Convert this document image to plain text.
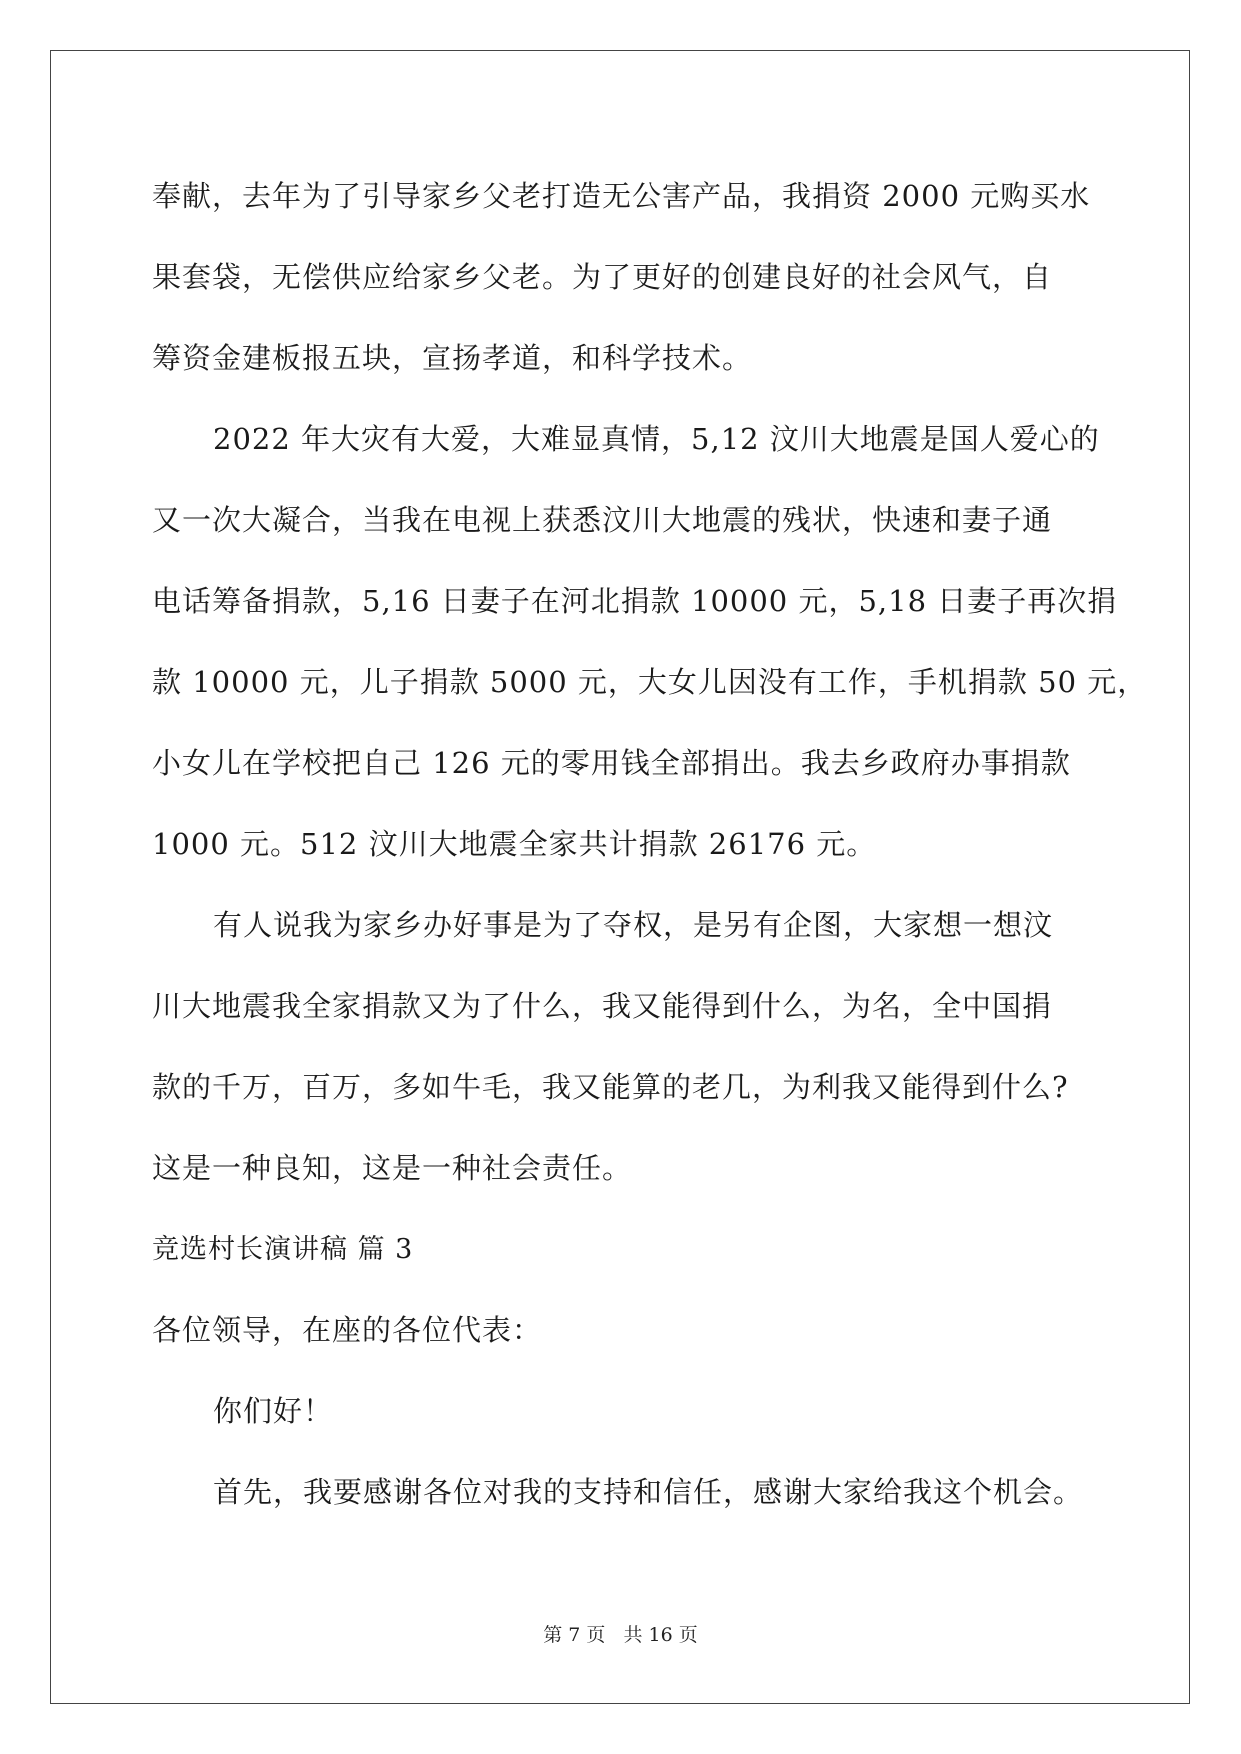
奉献，去年为了引导家乡父老打造无公害产品，我捐资 2000 元购买水
果套袋，无偿供应给家乡父老。为了更好的创建良好的社会风气，自
筹资金建板报五块，宣扬孝道，和科学技术。
2022 年大灾有大爱，大难显真情，5,12 汶川大地震是国人爱心的
又一次大凝合，当我在电视上获悉汶川大地震的残状，快速和妻子通
电话筹备捐款，5,16 日妻子在河北捐款 10000 元，5,18 日妻子再次捐
款 10000 元，儿子捐款 5000 元，大女儿因没有工作，手机捐款 50 元，
小女儿在学校把自己 126 元的零用钱全部捐出。我去乡政府办事捐款
1000 元。512 汶川大地震全家共计捐款 26176 元。
有人说我为家乡办好事是为了夺权，是另有企图，大家想一想汶
川大地震我全家捐款又为了什么，我又能得到什么，为名，全中国捐
款的千万，百万，多如牛毛，我又能算的老几，为利我又能得到什么?
这是一种良知，这是一种社会责任。
竞选村长演讲稿 篇 3
各位领导，在座的各位代表：
你们好！
首先，我要感谢各位对我的支持和信任，感谢大家给我这个机会。
第 7 页 共 16 页
